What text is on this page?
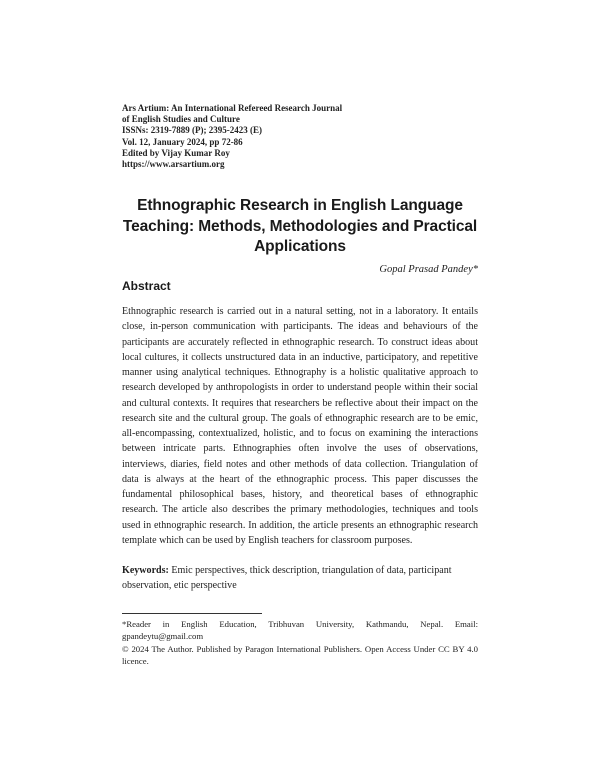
Ars Artium: An International Refereed Research Journal
of English Studies and Culture
ISSNs: 2319-7889 (P); 2395-2423 (E)
Vol. 12, January 2024, pp 72-86
Edited by Vijay Kumar Roy
https://www.arsartium.org
Ethnographic Research in English Language Teaching: Methods, Methodologies and Practical Applications
Gopal Prasad Pandey*
Abstract
Ethnographic research is carried out in a natural setting, not in a laboratory. It entails close, in-person communication with participants. The ideas and behaviours of the participants are accurately reflected in ethnographic research. To construct ideas about local cultures, it collects unstructured data in an inductive, participatory, and repetitive manner using analytical techniques. Ethnography is a holistic qualitative approach to research developed by anthropologists in order to understand people within their social and cultural contexts. It requires that researchers be reflective about their impact on the research site and the cultural group. The goals of ethnographic research are to be emic, all-encompassing, contextualized, holistic, and to focus on examining the interactions between intricate parts. Ethnographies often involve the uses of observations, interviews, diaries, field notes and other methods of data collection. Triangulation of data is always at the heart of the ethnographic process. This paper discusses the fundamental philosophical bases, history, and theoretical bases of ethnographic research. The article also describes the primary methodologies, techniques and tools used in ethnographic research. In addition, the article presents an ethnographic research template which can be used by English teachers for classroom purposes.
Keywords: Emic perspectives, thick description, triangulation of data, participant observation, etic perspective

*Reader in English Education, Tribhuvan University, Kathmandu, Nepal. Email: gpandeytu@gmail.com

© 2024 The Author. Published by Paragon International Publishers. Open Access Under CC BY 4.0 licence.
